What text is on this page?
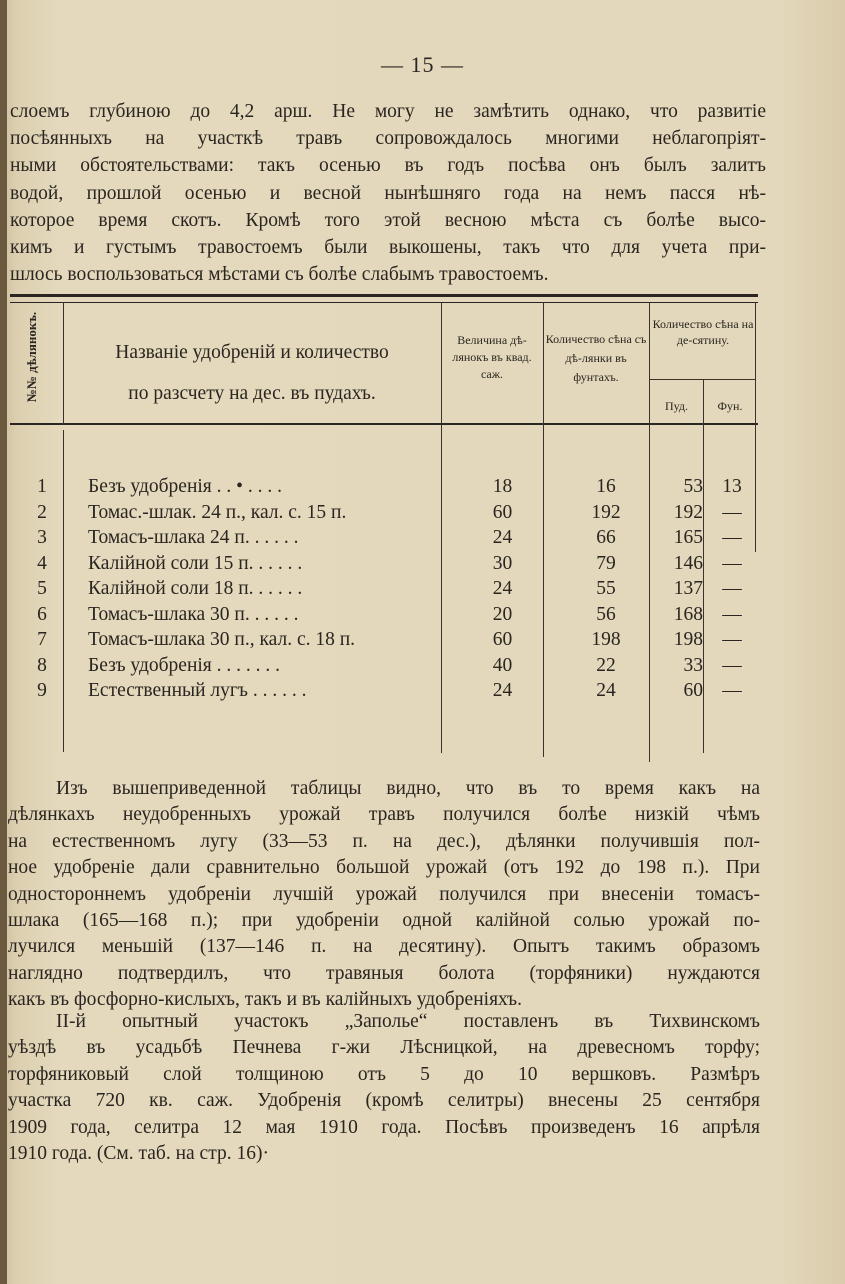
— 15 —
слоемъ глубиною до 4,2 арш. Не могу не замѣтить однако, что развитіе
посѣянныхъ на участкѣ травъ сопровождалось многими неблагопріят-
ными обстоятельствами: такъ осенью въ годъ посѣва онъ былъ залитъ
водой, прошлой осенью и весной нынѣшняго года на немъ пасся нѣ-
которое время скотъ. Кромѣ того этой весною мѣста съ болѣе высо-
кимъ и густымъ травостоемъ были выкошены, такъ что для учета при-
шлось воспользоваться мѣстами съ болѣе слабымъ травостоемъ.
№№ дѣлянокъ.	Названіе удобреній и количество
по разсчету на дес. въ пудахъ.
Величина дѣ-лянокъ въ квад. саж.
Количество сѣна съ дѣ-лянки въ фунтахъ.
Количество сѣна на де-сятину.
Пуд.	Фун.
1 Безъ удобренія . . • . . . .	18	16	53 13
2 Томас.-шлак. 24 п., кал. с. 15 п.	60	192	192 —
3 Томасъ-шлака 24 п. . . . . .	24	66	165 —
4 Калійной соли 15 п. . . . . .	30	79	146 —
5 Калійной соли 18 п. . . . . .	24	55	137 —
6 Томасъ-шлака 30 п. . . . . .	20	56	168 —
7 Томасъ-шлака 30 п., кал. с. 18 п.	60	198	198 —
8 Безъ удобренія . . . . . . .	40	22	33 —
9 Естественный лугъ . . . . . .	24	24	60 —
Изъ вышеприведенной таблицы видно, что въ то время какъ на
дѣлянкахъ неудобренныхъ урожай травъ получился болѣе низкій чѣмъ
на естественномъ лугу (33—53 п. на дес.), дѣлянки получившія пол-
ное удобреніе дали сравнительно большой урожай (отъ 192 до 198 п.). При
одностороннемъ удобреніи лучшій урожай получился при внесеніи томасъ-
шлака (165—168 п.); при удобреніи одной калійной солью урожай по-
лучился меньшій (137—146 п. на десятину). Опытъ такимъ образомъ
наглядно подтвердилъ, что травяныя болота (торфяники) нуждаются
какъ въ фосфорно-кислыхъ, такъ и въ калійныхъ удобреніяхъ.
II-й опытный участокъ „Заполье“ поставленъ въ Тихвинскомъ
уѣздѣ въ усадьбѣ Печнева г-жи Лѣсницкой, на древесномъ торфу;
торфяниковый слой толщиною отъ 5 до 10 вершковъ. Размѣръ
участка 720 кв. саж. Удобренія (кромѣ селитры) внесены 25 сентября
1909 года, селитра 12 мая 1910 года. Посѣвъ произведенъ 16 апрѣля
1910 года. (См. таб. на стр. 16)·
